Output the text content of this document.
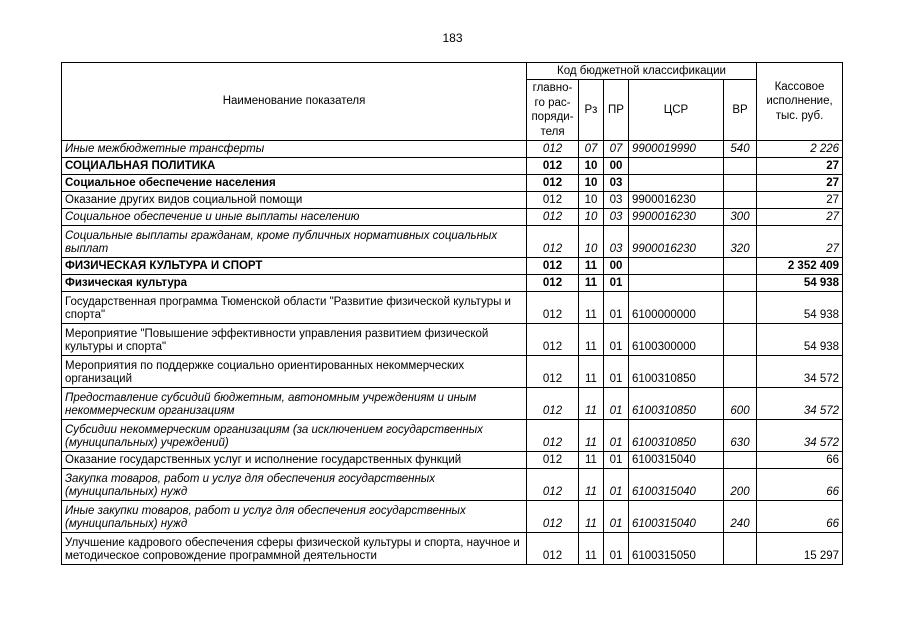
183
Наименование показателя	Код бюджетной классификации					Кассовое исполнение, тыс. руб.
	главно-го рас-поряди-теля	Рз	ПР	ЦСР	ВР	
Иные межбюджетные трансферты	012	07	07	9900019990	540	2 226
СОЦИАЛЬНАЯ ПОЛИТИКА	012	10	00			27
Социальное обеспечение населения	012	10	03			27
Оказание других видов социальной помощи	012	10	03	9900016230		27
Социальное обеспечение и иные выплаты населению	012	10	03	9900016230	300	27
Социальные выплаты гражданам, кроме публичных нормативных социальных выплат	012	10	03	9900016230	320	27
ФИЗИЧЕСКАЯ КУЛЬТУРА И СПОРТ	012	11	00			2 352 409
Физическая культура	012	11	01			54 938
Государственная программа Тюменской области "Развитие физической культуры и спорта"	012	11	01	6100000000		54 938
Мероприятие "Повышение эффективности управления развитием физической культуры и спорта"	012	11	01	6100300000		54 938
Мероприятия по поддержке социально ориентированных некоммерческих организаций	012	11	01	6100310850		34 572
Предоставление субсидий бюджетным, автономным учреждениям и иным некоммерческим организациям	012	11	01	6100310850	600	34 572
Субсидии некоммерческим организациям (за исключением государственных (муниципальных) учреждений)	012	11	01	6100310850	630	34 572
Оказание государственных услуг и исполнение государственных функций	012	11	01	6100315040		66
Закупка товаров, работ и услуг для обеспечения государственных (муниципальных) нужд	012	11	01	6100315040	200	66
Иные закупки товаров, работ и услуг для обеспечения государственных (муниципальных) нужд	012	11	01	6100315040	240	66
Улучшение кадрового обеспечения сферы физической культуры и спорта, научное и методическое сопровождение программной деятельности	012	11	01	6100315050		15 297
